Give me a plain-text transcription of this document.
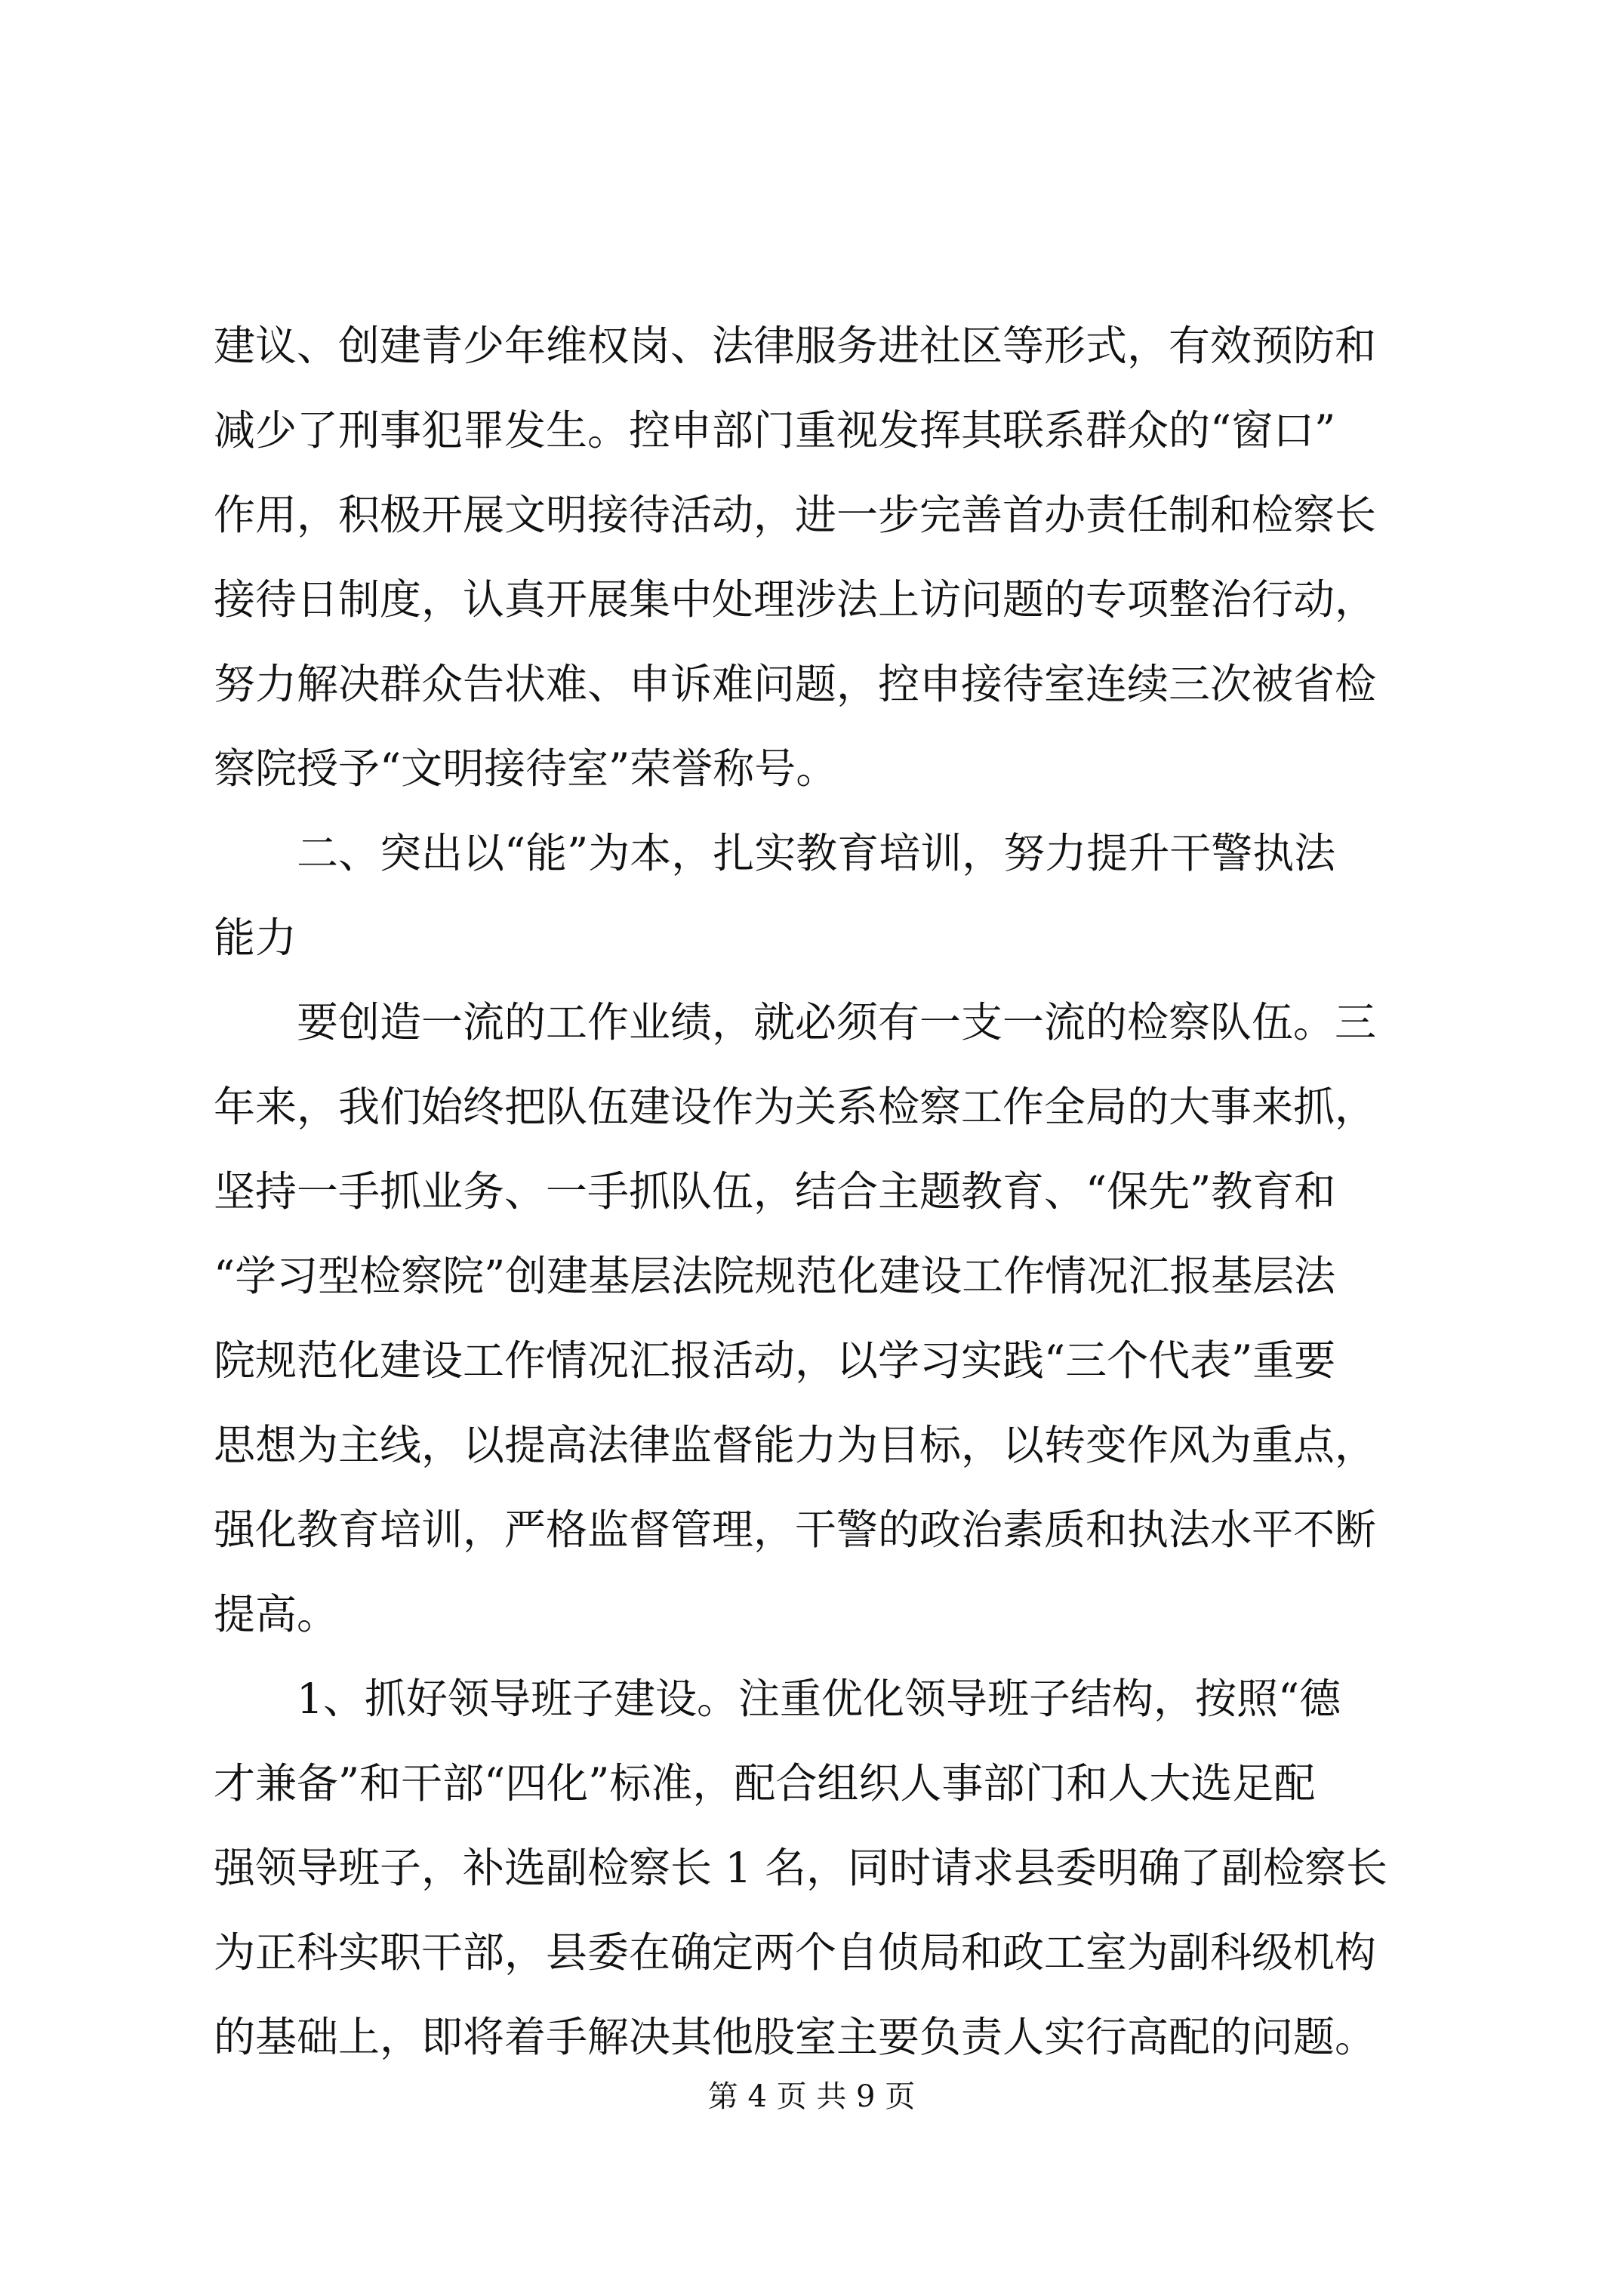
建议、创建青少年维权岗、法律服务进社区等形式，有效预防和
减少了刑事犯罪发生。控申部门重视发挥其联系群众的“窗口”
作用，积极开展文明接待活动，进一步完善首办责任制和检察长
接待日制度，认真开展集中处理涉法上访问题的专项整治行动，
努力解决群众告状难、申诉难问题，控申接待室连续三次被省检
察院授予“文明接待室”荣誉称号。
　　二、突出以“能”为本，扎实教育培训，努力提升干警执法
能力
　　要创造一流的工作业绩，就必须有一支一流的检察队伍。三
年来，我们始终把队伍建设作为关系检察工作全局的大事来抓，
坚持一手抓业务、一手抓队伍，结合主题教育、“保先”教育和
“学习型检察院”创建基层法院规范化建设工作情况汇报基层法
院规范化建设工作情况汇报活动，以学习实践“三个代表”重要
思想为主线，以提高法律监督能力为目标，以转变作风为重点，
强化教育培训，严格监督管理，干警的政治素质和执法水平不断
提高。
　　1、抓好领导班子建设。注重优化领导班子结构，按照“德
才兼备”和干部“四化”标准，配合组织人事部门和人大选足配
强领导班子，补选副检察长 1 名，同时请求县委明确了副检察长
为正科实职干部，县委在确定两个自侦局和政工室为副科级机构
的基础上，即将着手解决其他股室主要负责人实行高配的问题。
第 4 页 共 9 页
